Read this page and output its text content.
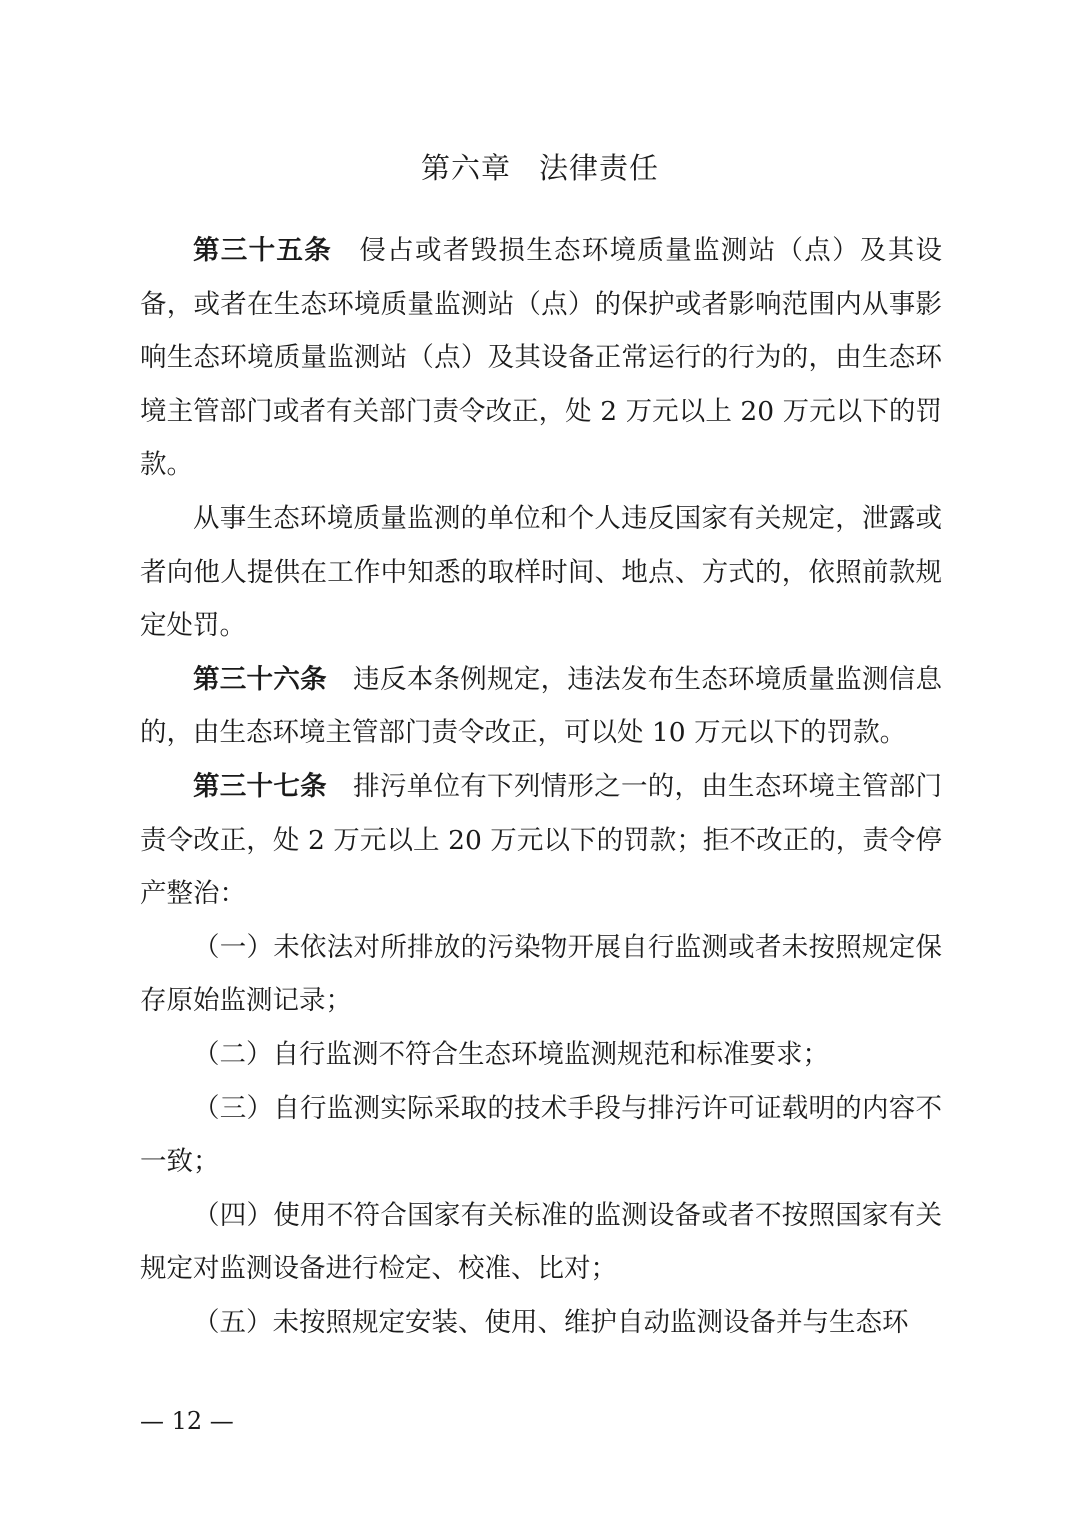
第六章 法律责任

第三十五条 侵占或者毁损生态环境质量监测站（点）及其设备，或者在生态环境质量监测站（点）的保护或者影响范围内从事影响生态环境质量监测站（点）及其设备正常运行的行为的，由生态环境主管部门或者有关部门责令改正，处 2 万元以上 20 万元以下的罚款。

从事生态环境质量监测的单位和个人违反国家有关规定，泄露或者向他人提供在工作中知悉的取样时间、地点、方式的，依照前款规定处罚。

第三十六条 违反本条例规定，违法发布生态环境质量监测信息的，由生态环境主管部门责令改正，可以处 10 万元以下的罚款。

第三十七条 排污单位有下列情形之一的，由生态环境主管部门责令改正，处 2 万元以上 20 万元以下的罚款；拒不改正的，责令停产整治：

（一）未依法对所排放的污染物开展自行监测或者未按照规定保存原始监测记录；

（二）自行监测不符合生态环境监测规范和标准要求；

（三）自行监测实际采取的技术手段与排污许可证载明的内容不一致；

（四）使用不符合国家有关标准的监测设备或者不按照国家有关规定对监测设备进行检定、校准、比对；

（五）未按照规定安装、使用、维护自动监测设备并与生态环

— 12 —
